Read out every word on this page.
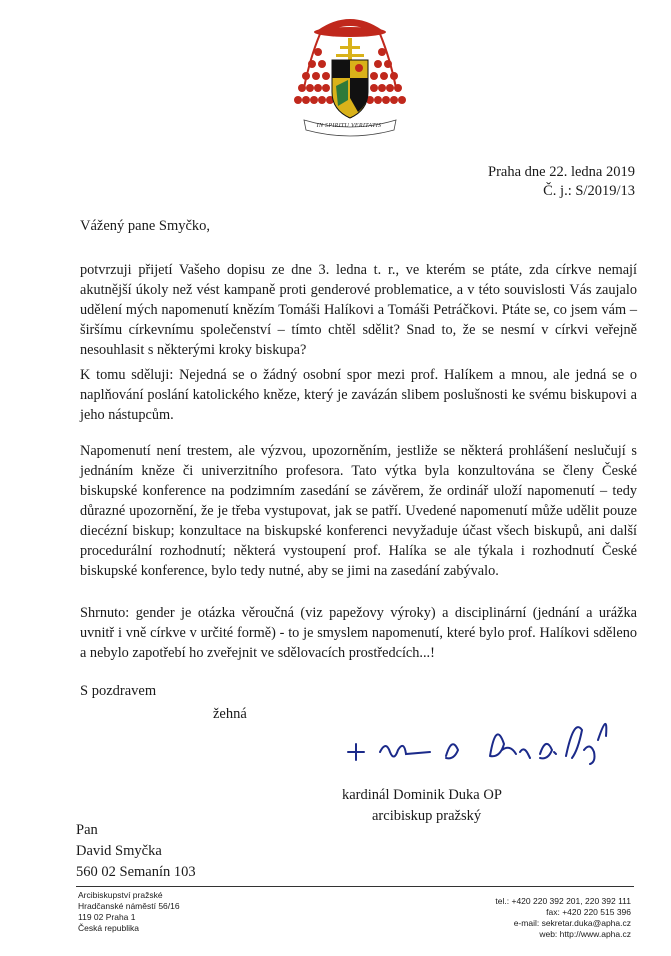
IN SPIRITU VERITATIS
Praha dne 22. ledna 2019
Č. j.: S/2019/13
Vážený pane Smyčko,
potvrzuji přijetí Vašeho dopisu ze dne 3. ledna t. r., ve kterém se ptáte, zda církve nemají akutnější úkoly než vést kampaně proti genderové problematice, a v této souvislosti Vás zaujalo udělení mých napomenutí knězím Tomáši Halíkovi a Tomáši Petráčkovi. Ptáte se, co jsem vám – širšímu církevnímu společenství – tímto chtěl sdělit? Snad to, že se nesmí v církvi veřejně nesouhlasit s některými kroky biskupa?
K tomu sděluji: Nejedná se o žádný osobní spor mezi prof. Halíkem a mnou, ale jedná se o naplňování poslání katolického kněze, který je zavázán slibem poslušnosti ke svému biskupovi a jeho nástupcům.
Napomenutí není trestem, ale výzvou, upozorněním, jestliže se některá prohlášení neslučují s jednáním kněze či univerzitního profesora. Tato výtka byla konzultována se členy České biskupské konference na podzimním zasedání se závěrem, že ordinář uloží napomenutí – tedy důrazné upozornění, že je třeba vystupovat, jak se patří. Uvedené napomenutí může udělit pouze diecézní biskup; konzultace na biskupské konferenci nevyžaduje účast všech biskupů, ani další procedurální rozhodnutí; některá vystoupení prof. Halíka se ale týkala i rozhodnutí České biskupské konference, bylo tedy nutné, aby se jimi na zasedání zabývalo.
Shrnuto: gender je otázka věroučná (viz papežovy výroky) a disciplinární (jednání a urážka uvnitř i vně církve v určité formě) - to je smyslem napomenutí, které bylo prof. Halíkovi sděleno a nebylo zapotřebí ho zveřejnit ve sdělovacích prostředcích...!
S pozdravem
žehná
kardinál Dominik Duka OP
arcibiskup pražský
Pan
David Smyčka
560 02 Semanín 103
Arcibiskupství pražské
Hradčanské náměstí 56/16
119 02 Praha 1
Česká republika
tel.: +420 220 392 201, 220 392 111
fax: +420 220 515 396
e-mail: sekretar.duka@apha.cz
web: http://www.apha.cz
